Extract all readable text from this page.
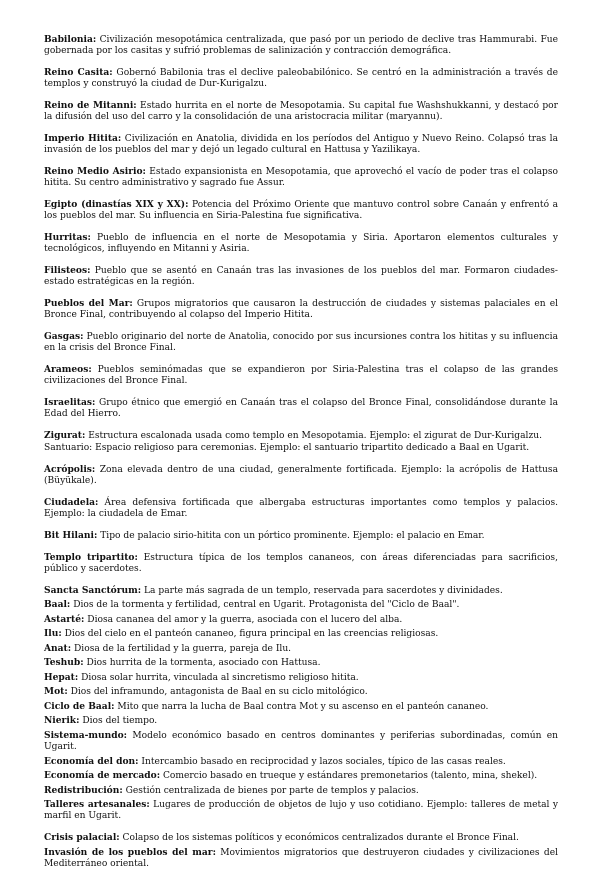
Babilonia: Civilización mesopotámica centralizada, que pasó por un periodo de declive tras Hammurabi. Fue gobernada por los casitas y sufrió problemas de salinización y contracción demográfica.

Reino Casita: Gobernó Babilonia tras el declive paleobabilónico. Se centró en la administración a través de templos y construyó la ciudad de Dur-Kurigalzu.

Reino de Mitanni: Estado hurrita en el norte de Mesopotamia. Su capital fue Washshukkanni, y destacó por la difusión del uso del carro y la consolidación de una aristocracia militar (maryannu).

Imperio Hitita: Civilización en Anatolia, dividida en los períodos del Antiguo y Nuevo Reino. Colapsó tras la invasión de los pueblos del mar y dejó un legado cultural en Hattusa y Yazilikaya.

Reino Medio Asirio: Estado expansionista en Mesopotamia, que aprovechó el vacío de poder tras el colapso hitita. Su centro administrativo y sagrado fue Assur.

Egipto (dinastías XIX y XX): Potencia del Próximo Oriente que mantuvo control sobre Canaán y enfrentó a los pueblos del mar. Su influencia en Siria-Palestina fue significativa.

Hurritas: Pueblo de influencia en el norte de Mesopotamia y Siria. Aportaron elementos culturales y tecnológicos, influyendo en Mitanni y Asiria.

Filisteos: Pueblo que se asentó en Canaán tras las invasiones de los pueblos del mar. Formaron ciudades-estado estratégicas en la región.

Pueblos del Mar: Grupos migratorios que causaron la destrucción de ciudades y sistemas palaciales en el Bronce Final, contribuyendo al colapso del Imperio Hitita.

Gasgas: Pueblo originario del norte de Anatolia, conocido por sus incursiones contra los hititas y su influencia en la crisis del Bronce Final.

Arameos: Pueblos seminómadas que se expandieron por Siria-Palestina tras el colapso de las grandes civilizaciones del Bronce Final.

Israelitas: Grupo étnico que emergió en Canaán tras el colapso del Bronce Final, consolidándose durante la Edad del Hierro.

Zigurat: Estructura escalonada usada como templo en Mesopotamia. Ejemplo: el zigurat de Dur-Kurigalzu.

Santuario: Espacio religioso para ceremonias. Ejemplo: el santuario tripartito dedicado a Baal en Ugarit.

Acrópolis: Zona elevada dentro de una ciudad, generalmente fortificada. Ejemplo: la acrópolis de Hattusa (Büyükale).

Ciudadela: Área defensiva fortificada que albergaba estructuras importantes como templos y palacios. Ejemplo: la ciudadela de Emar.

Bit Hilani: Tipo de palacio sirio-hitita con un pórtico prominente. Ejemplo: el palacio en Emar.

Templo tripartito: Estructura típica de los templos cananeos, con áreas diferenciadas para sacrificios, público y sacerdotes.

Sancta Sanctórum: La parte más sagrada de un templo, reservada para sacerdotes y divinidades.

Baal: Dios de la tormenta y fertilidad, central en Ugarit. Protagonista del "Ciclo de Baal".

Astarté: Diosa cananea del amor y la guerra, asociada con el lucero del alba.

Ilu: Dios del cielo en el panteón cananeo, figura principal en las creencias religiosas.

Anat: Diosa de la fertilidad y la guerra, pareja de Ilu.

Teshub: Dios hurrita de la tormenta, asociado con Hattusa.

Hepat: Diosa solar hurrita, vinculada al sincretismo religioso hitita.

Mot: Dios del inframundo, antagonista de Baal en su ciclo mitológico.

Ciclo de Baal: Mito que narra la lucha de Baal contra Mot y su ascenso en el panteón cananeo.

Nierik: Dios del tiempo.

Sistema-mundo: Modelo económico basado en centros dominantes y periferias subordinadas, común en Ugarit.

Economía del don: Intercambio basado en reciprocidad y lazos sociales, típico de las casas reales.

Economía de mercado: Comercio basado en trueque y estándares premonetarios (talento, mina, shekel).

Redistribución: Gestión centralizada de bienes por parte de templos y palacios.

Talleres artesanales: Lugares de producción de objetos de lujo y uso cotidiano. Ejemplo: talleres de metal y marfil en Ugarit.

Crisis palacial: Colapso de los sistemas políticos y económicos centralizados durante el Bronce Final.

Invasión de los pueblos del mar: Movimientos migratorios que destruyeron ciudades y civilizaciones del Mediterráneo oriental.
